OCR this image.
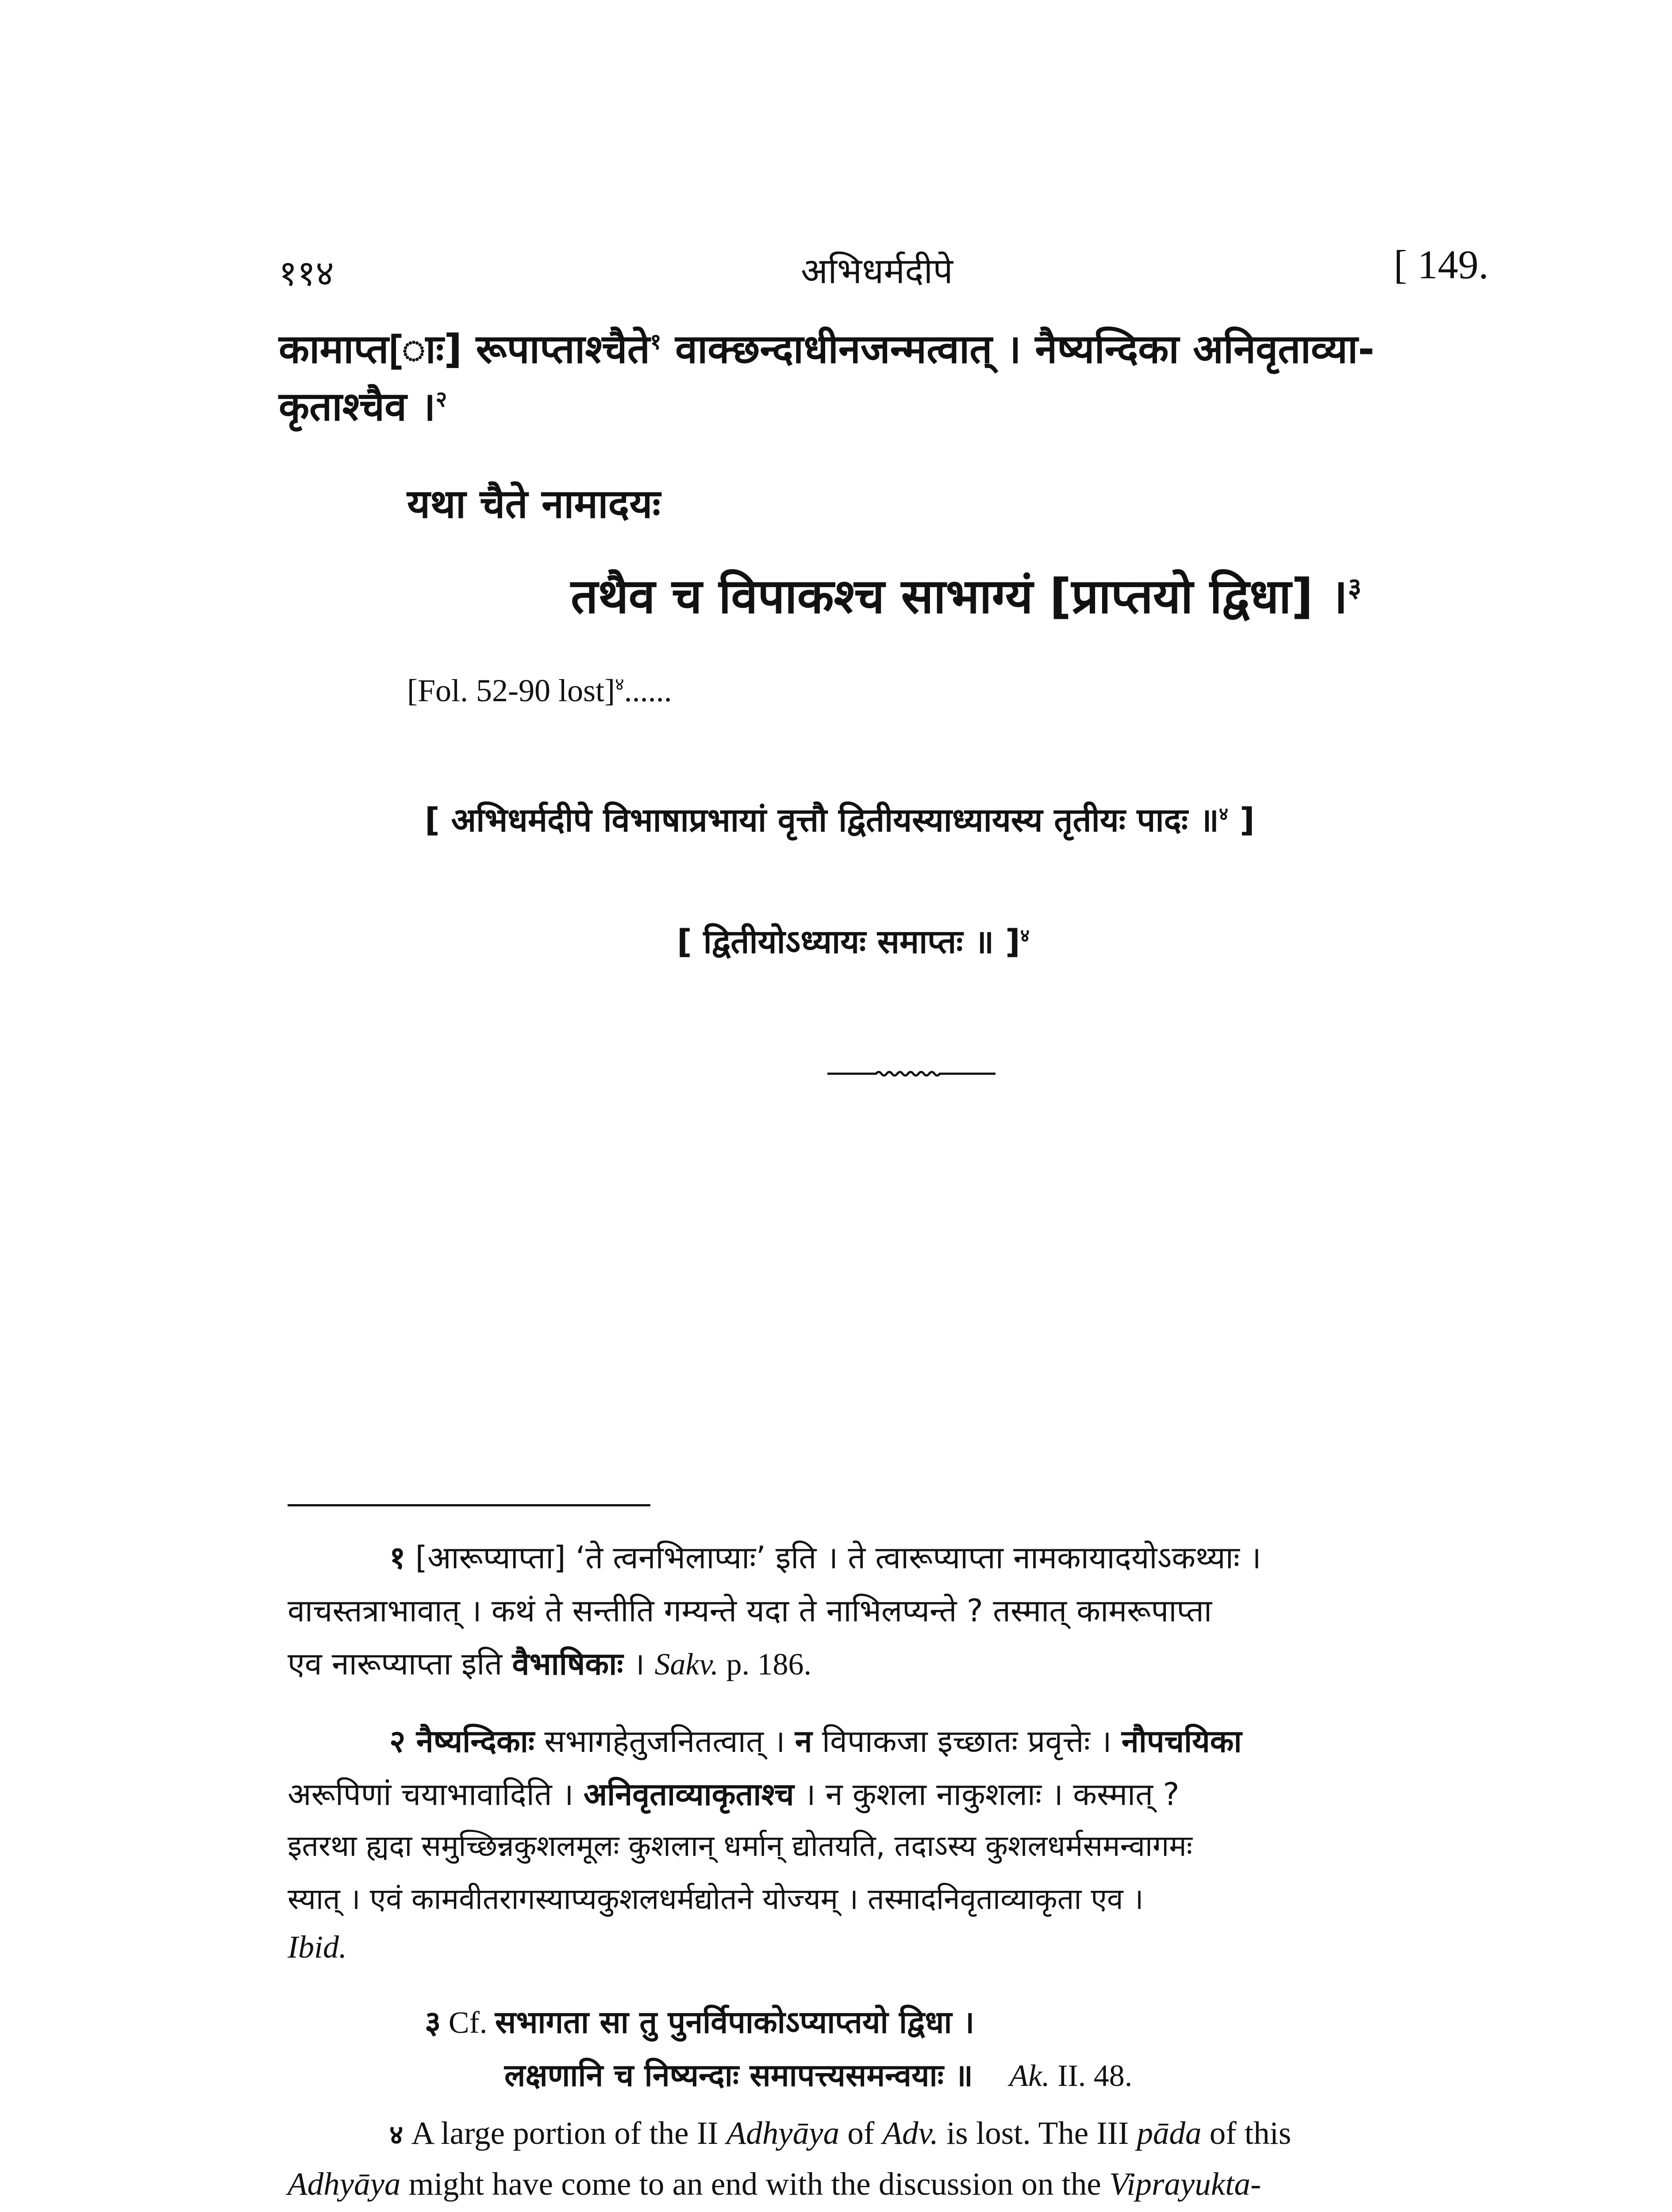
११४	अभिधर्मदीपे	[ 149.
कामाप्त[ाः] रूपाप्ताश्चैते$^१$ वाक्छन्दाधीनजन्मत्वात् । नैष्यन्दिका अनिवृताव्या-
कृताश्चैव ।$^२$
यथा चैते नामादयः
तथैव च विपाकश्च साभाग्यं [प्राप्तयो द्विधा] ।$^३$
[Fol. 52-90 lost]$^४$......
[ अभिधर्मदीपे विभाषाप्रभायां वृत्तौ द्वितीयस्याध्यायस्य तृतीयः पादः ॥$^४$ ]
[ द्वितीयोऽध्यायः समाप्तः ॥ ]$^४$
१ [आरूप्याप्ता] ‘ते त्वनभिलाप्याः’ इति । ते त्वारूप्याप्ता नामकायादयोऽकथ्याः ।
वाचस्तत्राभावात् । कथं ते सन्तीति गम्यन्ते यदा ते नाभिलप्यन्ते ? तस्मात् कामरूपाप्ता
एव नारूप्याप्ता इति वैभाषिकाः । Sakv. p. 186.
२ नैष्यन्दिकाः सभागहेतुजनितत्वात् । न विपाकजा इच्छातः प्रवृत्तेः । नौपचयिका
अरूपिणां चयाभावादिति । अनिवृताव्याकृताश्च । न कुशला नाकुशलाः । कस्मात् ?
इतरथा ह्यदा समुच्छिन्नकुशलमूलः कुशलान् धर्मान् द्योतयति, तदाऽस्य कुशलधर्मसमन्वागमः
स्यात् । एवं कामवीतरागस्याप्यकुशलधर्मद्योतने योज्यम् । तस्मादनिवृताव्याकृता एव ।
Ibid.
३ Cf. सभागता सा तु पुनर्विपाकोऽप्याप्तयो द्विधा ।
लक्षणानि च निष्यन्दाः समापत्त्यसमन्वयाः ॥ Ak. II. 48.
४ A large portion of the II Adhyāya of Adv. is lost. The III pāda of this
Adhyāya might have come to an end with the discussion on the Viprayukta-
